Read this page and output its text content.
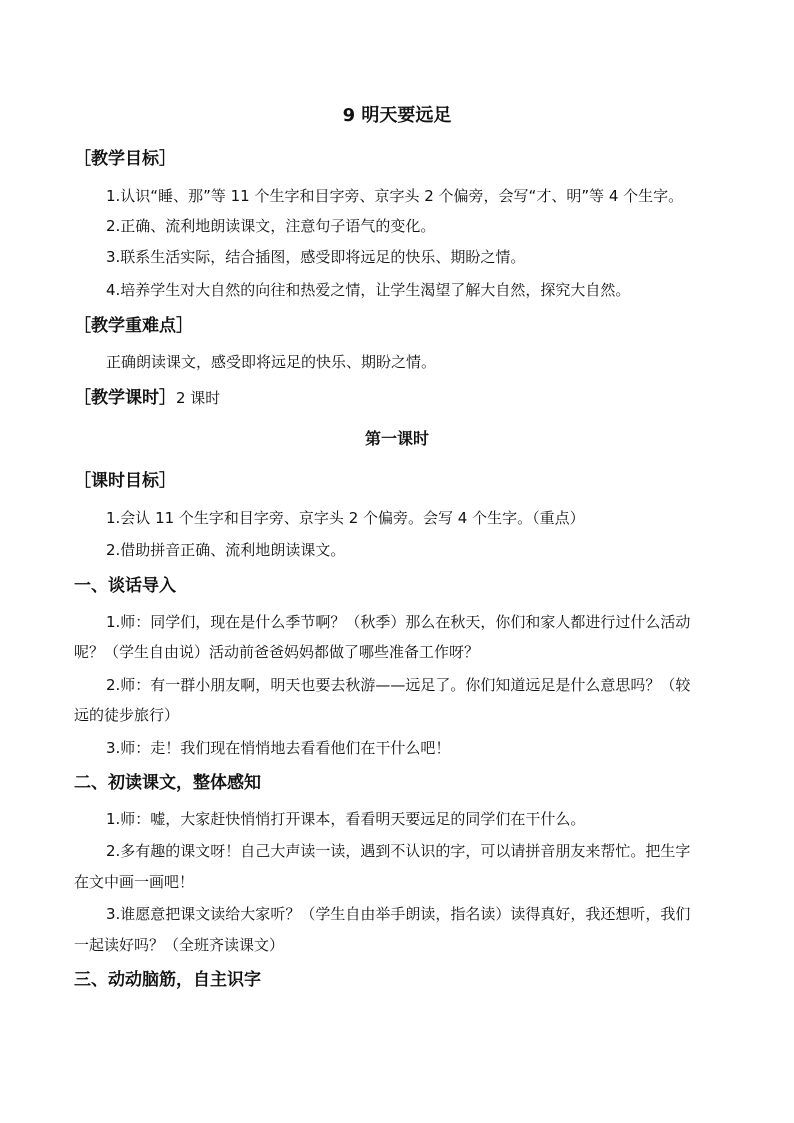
9 明天要远足
［教学目标］
1.认识“睡、那”等 11 个生字和目字旁、京字头 2 个偏旁，会写“才、明”等 4 个生字。
2.正确、流利地朗读课文，注意句子语气的变化。
3.联系生活实际，结合插图，感受即将远足的快乐、期盼之情。
4.培养学生对大自然的向往和热爱之情，让学生渴望了解大自然，探究大自然。
［教学重难点］
正确朗读课文，感受即将远足的快乐、期盼之情。
［教学课时］2 课时
第一课时
［课时目标］
1.会认 11 个生字和目字旁、京字头 2 个偏旁。会写 4 个生字。（重点）
2.借助拼音正确、流利地朗读课文。
一、谈话导入
1.师：同学们，现在是什么季节啊？（秋季）那么在秋天，你们和家人都进行过什么活动
呢？（学生自由说）活动前爸爸妈妈都做了哪些准备工作呀？
2.师：有一群小朋友啊，明天也要去秋游——远足了。你们知道远足是什么意思吗？（较
远的徒步旅行）
3.师：走！我们现在悄悄地去看看他们在干什么吧！
二、初读课文，整体感知
1.师：嘘，大家赶快悄悄打开课本，看看明天要远足的同学们在干什么。
2.多有趣的课文呀！自己大声读一读，遇到不认识的字，可以请拼音朋友来帮忙。把生字
在文中画一画吧！
3.谁愿意把课文读给大家听？（学生自由举手朗读，指名读）读得真好，我还想听，我们
一起读好吗？（全班齐读课文）
三、动动脑筋，自主识字
